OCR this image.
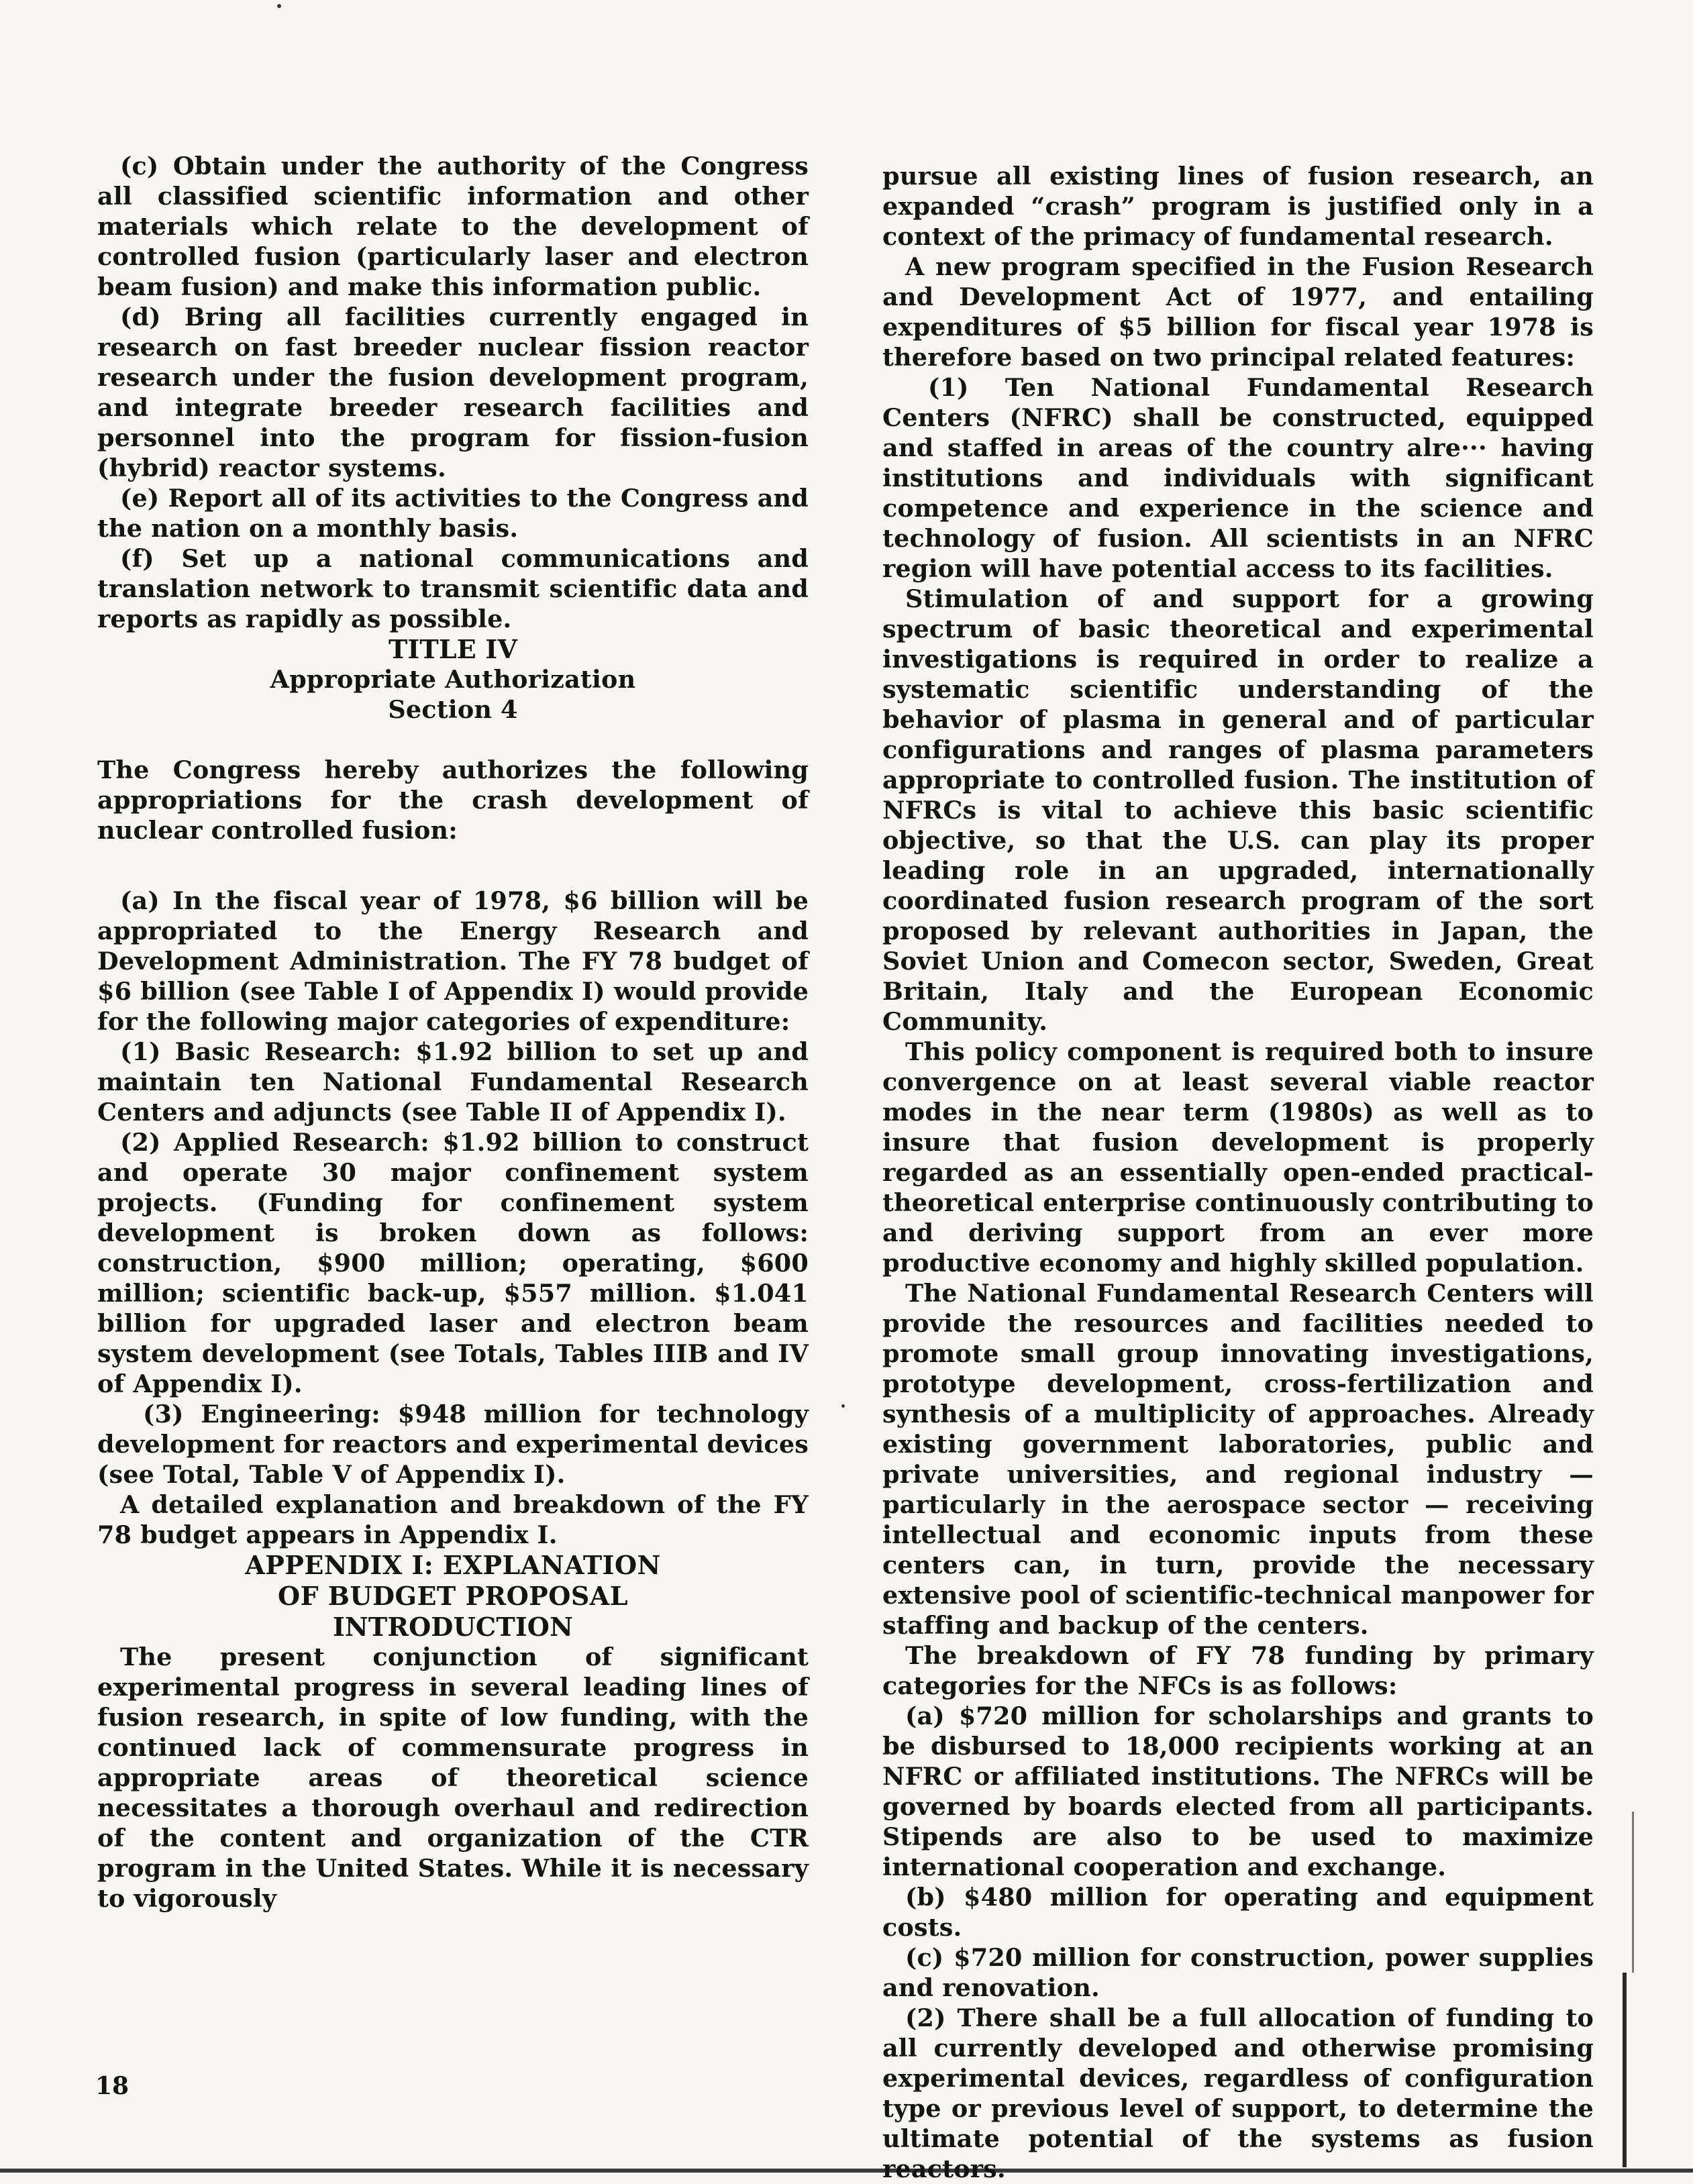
(c) Obtain under the authority of the Congress all classified scientific information and other materials which relate to the development of controlled fusion (particularly laser and electron beam fusion) and make this information public.

(d) Bring all facilities currently engaged in research on fast breeder nuclear fission reactor research under the fusion development program, and integrate breeder research facilities and personnel into the program for fission-fusion (hybrid) reactor systems.

(e) Report all of its activities to the Congress and the nation on a monthly basis.

(f) Set up a national communications and translation network to transmit scientific data and reports as rapidly as possible.

TITLE IV

Appropriate Authorization

Section 4

The Congress hereby authorizes the following appropriations for the crash development of nuclear controlled fusion:

(a) In the fiscal year of 1978, $6 billion will be appropriated to the Energy Research and Development Administration. The FY 78 budget of $6 billion (see Table I of Appendix I) would provide for the following major categories of expenditure:

(1) Basic Research: $1.92 billion to set up and maintain ten National Fundamental Research Centers and adjuncts (see Table II of Appendix I).

(2) Applied Research: $1.92 billion to construct and operate 30 major confinement system projects. (Funding for confinement system development is broken down as follows: construction, $900 million; operating, $600 million; scientific back-up, $557 million. $1.041 billion for upgraded laser and electron beam system development (see Totals, Tables IIIB and IV of Appendix I).

(3) Engineering: $948 million for technology development for reactors and experimental devices (see Total, Table V of Appendix I).

A detailed explanation and breakdown of the FY 78 budget appears in Appendix I.

APPENDIX I: EXPLANATION

OF BUDGET PROPOSAL

INTRODUCTION

The present conjunction of significant experimental progress in several leading lines of fusion research, in spite of low funding, with the continued lack of commensurate progress in appropriate areas of theoretical science necessitates a thorough overhaul and redirection of the content and organization of the CTR program in the United States. While it is necessary to vigorously

pursue all existing lines of fusion research, an expanded “crash” program is justified only in a context of the primacy of fundamental research.

A new program specified in the Fusion Research and Development Act of 1977, and entailing expenditures of $5 billion for fiscal year 1978 is therefore based on two principal related features:

(1) Ten National Fundamental Research Centers (NFRC) shall be constructed, equipped and staffed in areas of the country alre··· having institutions and individuals with significant competence and experience in the science and technology of fusion. All scientists in an NFRC region will have potential access to its facilities.

Stimulation of and support for a growing spectrum of basic theoretical and experimental investigations is required in order to realize a systematic scientific understanding of the behavior of plasma in general and of particular configurations and ranges of plasma parameters appropriate to controlled fusion. The institution of NFRCs is vital to achieve this basic scientific objective, so that the U.S. can play its proper leading role in an upgraded, internationally coordinated fusion research program of the sort proposed by relevant authorities in Japan, the Soviet Union and Comecon sector, Sweden, Great Britain, Italy and the European Economic Community.

This policy component is required both to insure convergence on at least several viable reactor modes in the near term (1980s) as well as to insure that fusion development is properly regarded as an essentially open-ended practical-theoretical enterprise continuously contributing to and deriving support from an ever more productive economy and highly skilled population.

The National Fundamental Research Centers will provide the resources and facilities needed to promote small group innovating investigations, prototype development, cross-fertilization and synthesis of a multiplicity of approaches. Already existing government laboratories, public and private universities, and regional industry — particularly in the aerospace sector — receiving intellectual and economic inputs from these centers can, in turn, provide the necessary extensive pool of scientific-technical manpower for staffing and backup of the centers.

The breakdown of FY 78 funding by primary categories for the NFCs is as follows:

(a) $720 million for scholarships and grants to be disbursed to 18,000 recipients working at an NFRC or affiliated institutions. The NFRCs will be governed by boards elected from all participants. Stipends are also to be used to maximize international cooperation and exchange.

(b) $480 million for operating and equipment costs.

(c) $720 million for construction, power supplies and renovation.

(2) There shall be a full allocation of funding to all currently developed and otherwise promising experimental devices, regardless of configuration type or previous level of support, to determine the ultimate potential of the systems as fusion reactors.

18
